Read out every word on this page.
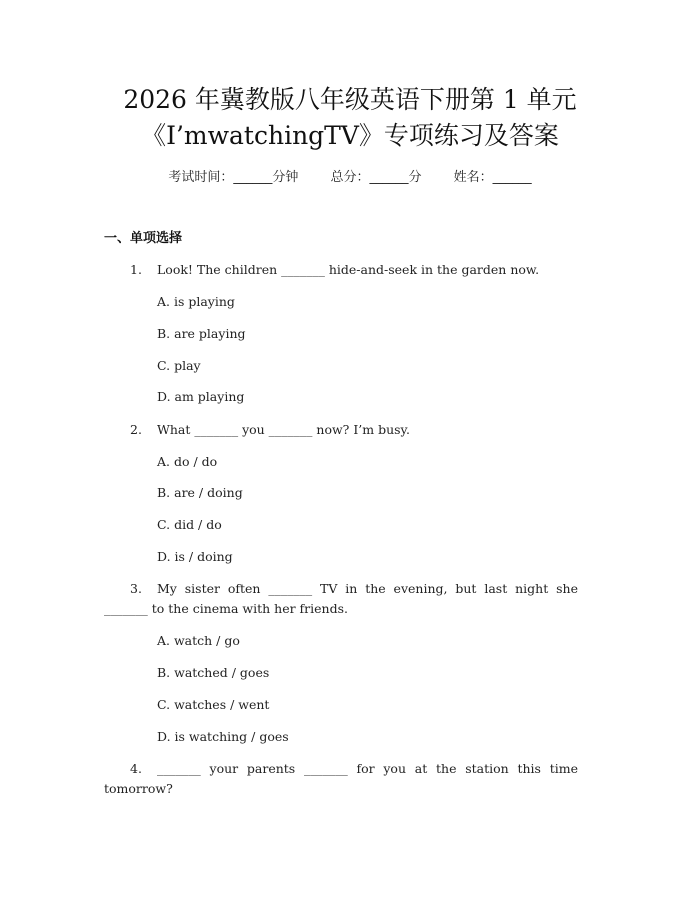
2026 年冀教版八年级英语下册第 1 单元
《I’mwatchingTV》专项练习及答案
考试时间：______分钟 总分：______分 姓名：______
一、单项选择
1. Look! The children _______ hide-and-seek in the garden now.
A. is playing
B. are playing
C. play
D. am playing
2. What _______ you _______ now? I’m busy.
A. do / do
B. are / doing
C. did / do
D. is / doing
3. My sister often _______ TV in the evening, but last night she _______ to the cinema with her friends.
A. watch / go
B. watched / goes
C. watches / went
D. is watching / goes
4. _______ your parents _______ for you at the station this time tomorrow?
